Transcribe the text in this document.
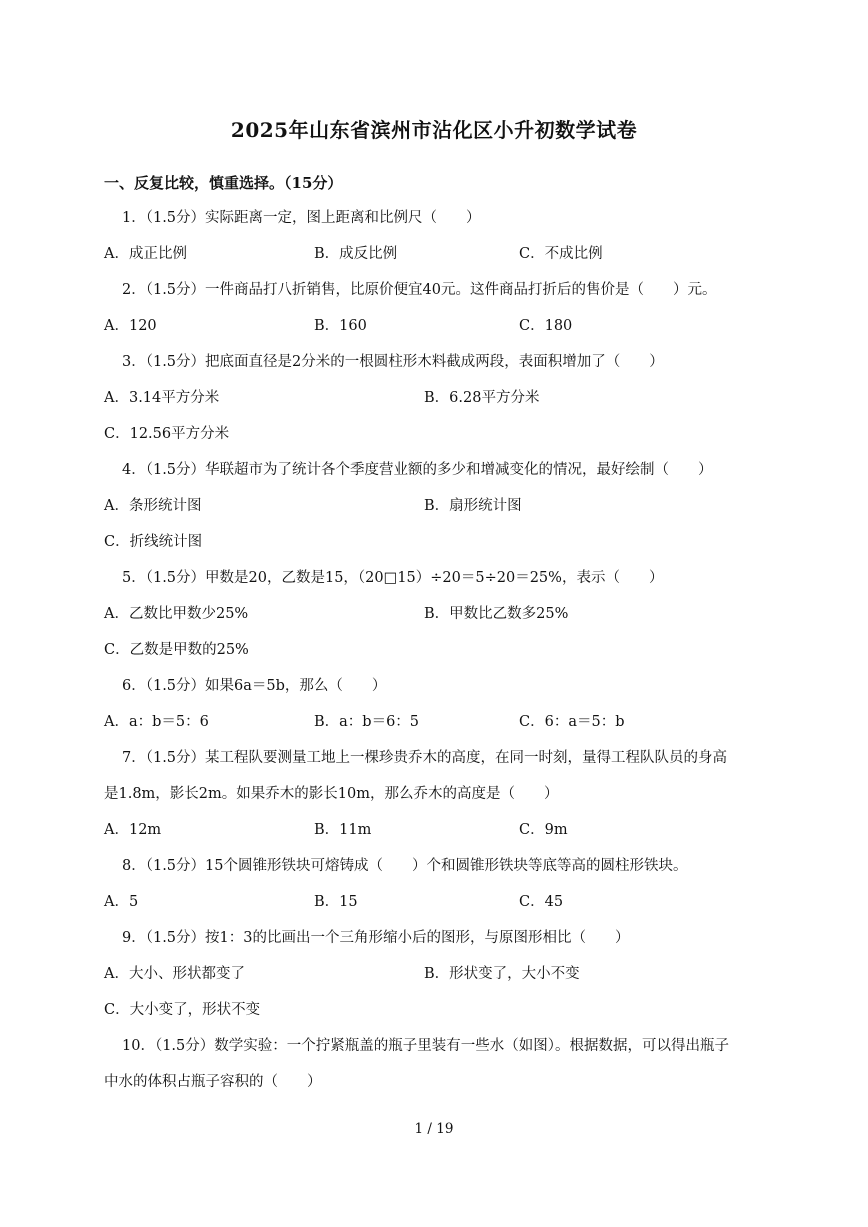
2025年山东省滨州市沾化区小升初数学试卷
一、反复比较，慎重选择。（15分）
1．（1.5分）实际距离一定，图上距离和比例尺（　　）
A．成正比例	B．成反比例	C．不成比例
2．（1.5分）一件商品打八折销售，比原价便宜40元。这件商品打折后的售价是（　　）元。
A．120	B．160	C．180
3．（1.5分）把底面直径是2分米的一根圆柱形木料截成两段，表面积增加了（　　）
A．3.14平方分米	B．6.28平方分米
C．12.56平方分米
4．（1.5分）华联超市为了统计各个季度营业额的多少和增减变化的情况，最好绘制（　　）
A．条形统计图	B．扇形统计图
C．折线统计图
5．（1.5分）甲数是20，乙数是15，（20□15）÷20＝5÷20＝25%，表示（　　）
A．乙数比甲数少25%	B．甲数比乙数多25%
C．乙数是甲数的25%
6．（1.5分）如果6a＝5b，那么（　　）
A．a：b＝5：6	B．a：b＝6：5	C．6：a＝5：b
7．（1.5分）某工程队要测量工地上一棵珍贵乔木的高度，在同一时刻，量得工程队队员的身高
是1.8m，影长2m。如果乔木的影长10m，那么乔木的高度是（　　）
A．12m	B．11m	C．9m
8．（1.5分）15个圆锥形铁块可熔铸成（　　）个和圆锥形铁块等底等高的圆柱形铁块。
A．5	B．15	C．45
9．（1.5分）按1：3的比画出一个三角形缩小后的图形，与原图形相比（　　）
A．大小、形状都变了	B．形状变了，大小不变
C．大小变了，形状不变
10．（1.5分）数学实验：一个拧紧瓶盖的瓶子里装有一些水（如图）。根据数据，可以得出瓶子
中水的体积占瓶子容积的（　　）
1 / 19
